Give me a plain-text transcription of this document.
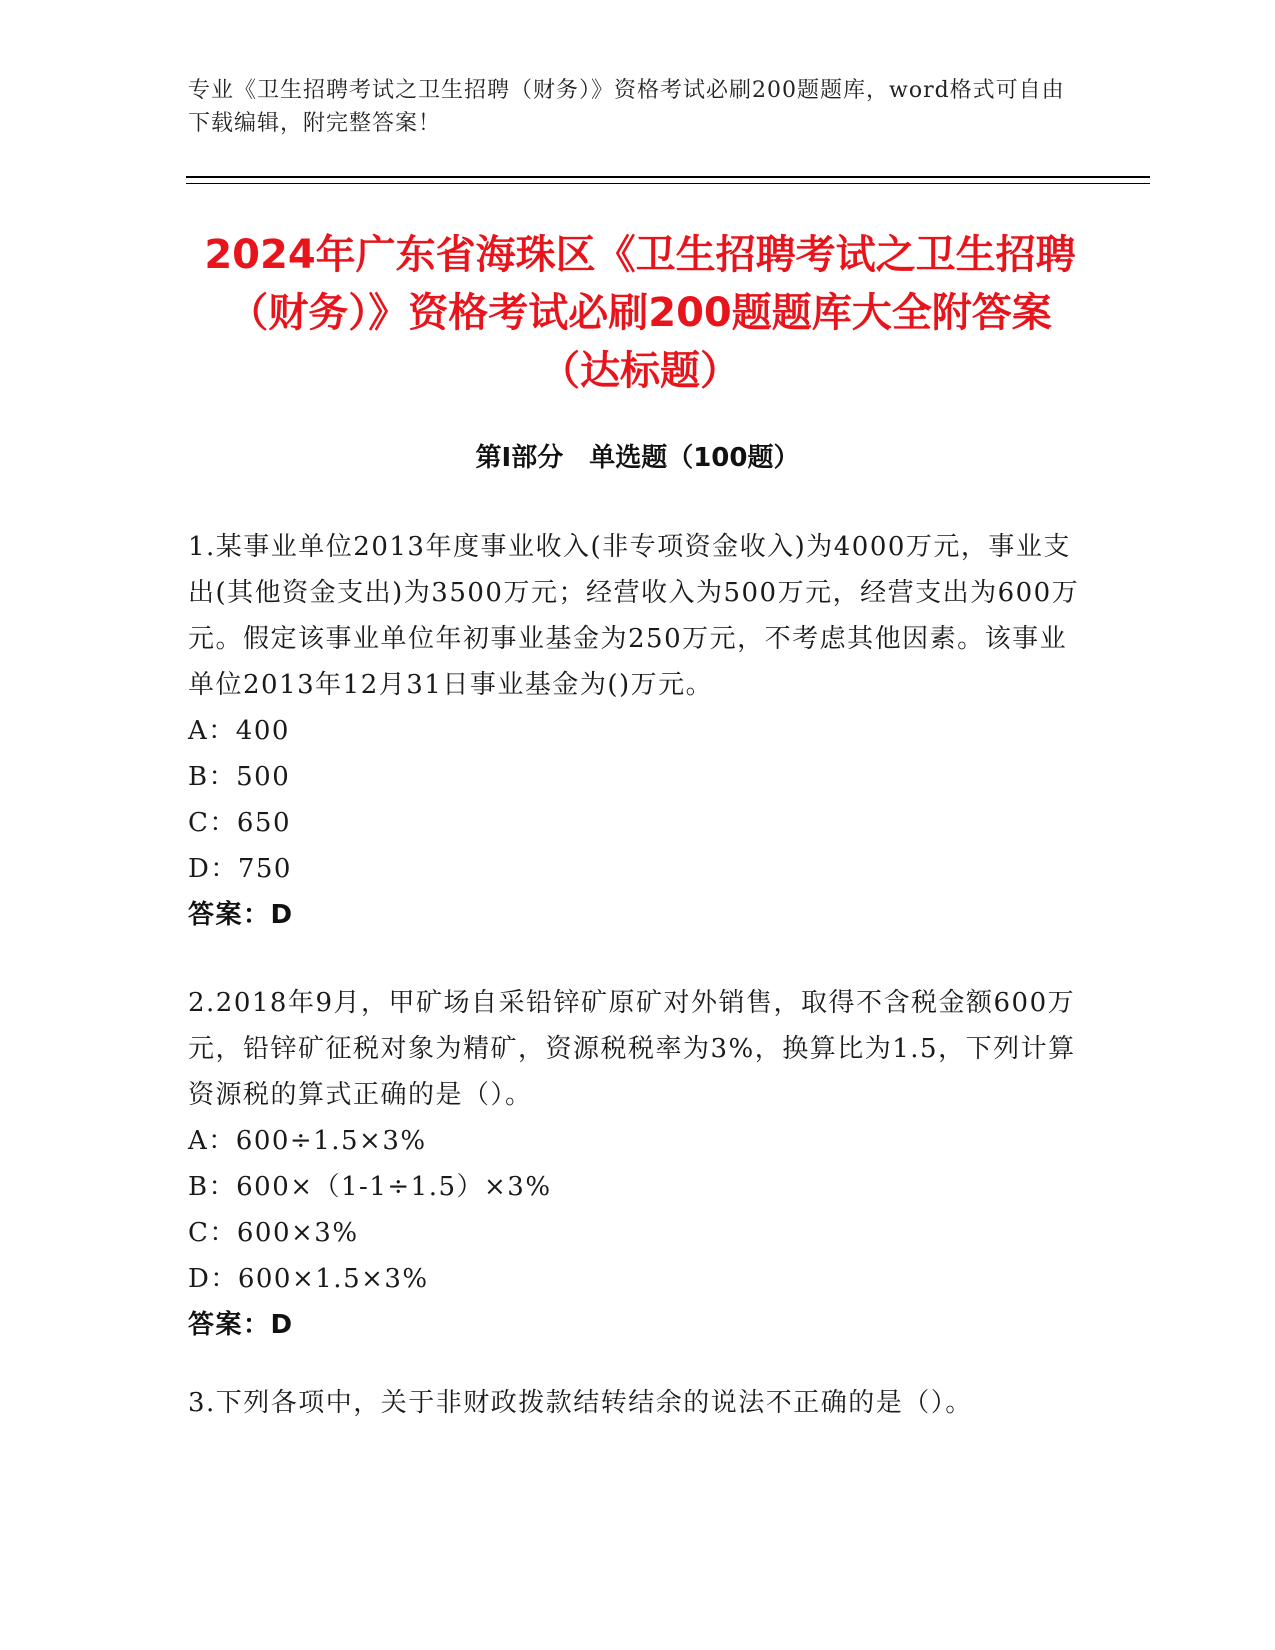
专业《卫生招聘考试之卫生招聘（财务）》资格考试必刷200题题库，word格式可自由下载编辑，附完整答案！
2024年广东省海珠区《卫生招聘考试之卫生招聘（财务）》资格考试必刷200题题库大全附答案（达标题）
第I部分　单选题（100题）
1.某事业单位2013年度事业收入(非专项资金收入)为4000万元，事业支出(其他资金支出)为3500万元；经营收入为500万元，经营支出为600万元。假定该事业单位年初事业基金为250万元，不考虑其他因素。该事业单位2013年12月31日事业基金为()万元。
A：400
B：500
C：650
D：750
答案：D
2.2018年9月，甲矿场自采铅锌矿原矿对外销售，取得不含税金额600万元，铅锌矿征税对象为精矿，资源税税率为3%，换算比为1.5，下列计算资源税的算式正确的是（）。
A：600÷1.5×3%
B：600×（1-1÷1.5）×3%
C：600×3%
D：600×1.5×3%
答案：D
3.下列各项中，关于非财政拨款结转结余的说法不正确的是（）。
